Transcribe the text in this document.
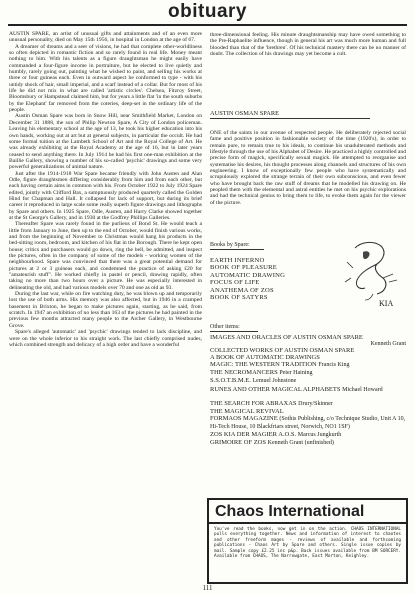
obituary

AUSTIN SPARE, an artist of unusual gifts and attainments and of an even more unusual personality, died on May 15th 1956, in hospital in London at the age of 67.

A dreamer of dreams and a seer of visions, he had that complete other-worldliness so often depicted in romantic fiction and so rarely found in real life. Money meant nothing to him. With his talents as a figure draughtsman he might easily have commanded a four-figure income in portraiture, but he elected to live quietly and humbly, rarely going out, painting what he wished to paint, and selling his works at three or four guineas each. Even in outward aspect he conformed to type - with his untidy shock of hair, small imperial, and a scarf instead of a collar. But for most of his life he did not mix in what are called 'artistic circles'. Chelsea, Fitzroy Street, Bloomsbury or Hampstead claimed him, but for years a little flat 'in the south suburbs by the Elephant' far removed from the coteries, deep-set in the ordinary life of the people.

Austin Osman Spare was born in Snow Hill, near Smithfield Market, London on December 31 1888, the son of Philip Newton Spare, A City of London policeman. Leaving his elementary school at the age of 13, he took his higher education into his own hands, working out at art but at general subjects, in particular the occult. He had some formal tuition at the Lambeth School of Art and the Royal College of Art. He was already exhibiting at the Royal Academy at the age of 16, but in later years ceased to send anything there. In July 1914 he had his first one-man exhibition at the Baillie Gallery, showing a number of his so-called 'psychic' drawings and some very powerful generalizations of animal nature.

Just after the 1914-1918 War Spare became friendly with John Austen and Alan Odle, figure draughtsmen differing considerably from him and from each other, but each having certain aims in common with his. From October 1922 to July 1924 Spare edited, jointly with Clifford Bax, a sumptuously produced quarterly called the Golden Hind for Chapman and Hall. It collapsed for lack of support, but during its brief career it reproduced in large scale some really superb figure drawings and lithographs by Spare and others. In 1925 Spare, Odle, Austen, and Harry Clarke showed together at the St George's Gallery, and in 1930 at the Godfrey Phillips Galleries.

Thereafter Spare was rarely found in the purlieus of Bond St. He would teach a little from January to June, then up to the end of October, would finish various works, and from the beginning of November to Christmas would hang his products in the bed-sitting room, bedroom, and kitchen of his flat in the Borough. There he kept open house; critics and purchasers would go down, ring the bell, be admitted, and inspect the pictures, often in the company of some of the models - working women of the neighbourhood. Spare was convinced that there was a great potential demand for pictures at 2 or 3 guineas each, and condemned the practice of asking £20 for "amateurish stuff". He worked chiefly in pastel or pencil, drawing rapidly, often taking no more than two hours over a picture. He was especially interested in delineating the old, and had various models over 70 and one as old as 93.

During the last war, while on fire watching duty, he was blown up and temporarily lost the use of both arms. His memory was also affected, but in 1946 in a cramped basement in Brixton, he began to make pictures again, starting, as he said, from scratch. In 1947 an exhibition of no less than 163 of the pictures he had painted in the previous few months attracted many people to the Archer Gallery, in Westbourne Grove.

Spare's alleged 'automatic' and 'psychic' drawings tended to lack discipline, and were on the whole inferior to his straight work. The last chiefly comprised nudes, which combined strength and delicacy of a high order and have a wonderful

three-dimensional feeling. His minute draughtsmanship may have owed something to the Pre-Raphaelite influence, though in general his art was much more human and full blooded than that of the 'brethren'. Of his technical mastery there can be no manner of doubt. The collection of his drawings may yet become a cult.

AUSTIN OSMAN SPARE

ONE of the saints in our avenue of respected people. He deliberately rejected social fame and positive position in fashionable society of the time (1920's), in order to remain pure, to remain true to his ideals, to continue his unadulterated methods and lifestyle through the use of his Alphabet of Desire. He practiced a highly controlled and precise form of magick, specifically sexual magick. He attempted to reorganise and systematise his desires, his thought processes along channels and structures of his own engineering. I know of exceptionally few people who have systematically and scrupulously explored the strange terrain of their own subconscious, and even fewer who have brought back the raw stuff of dreams that he modelled his drawing on. He peopled them with the elemental and astral entities he met on his psychic explorations and had the technical genius to bring them to life, to evoke them again for the viewer of the picture.

Books by Spare:
EARTH INFERNO
BOOK OF PLEASURE
AUTOMATIC DRAWING
FOCUS OF LIFE
ANATHEMA OF ZOS
BOOK OF SATYRS
KIA
Other items:
IMAGES AND ORACLES OF AUSTIN OSMAN SPARE
Kenneth Grant
COLLECTED WORKS OF AUSTIN OSMAN SPARE
A BOOK OF AUTOMATIC DRAWINGS
MAGIC: THE WESTERN TRADITION Francis King
THE NECROMANCERS Peter Haining
S.S.O.T.B.M.E. Lemuel Johnstone
RUNES AND OTHER MAGICAL ALPHABETS Michael Howard
THE SEARCH FOR ABRAXAS Drury/Skinner
THE MAGICAL REVIVAL
FORMAOS MAGAZINE (Sothis Publishing, c/o Technique Studio, Unit A 10, Hi-Tech House, 10 Blackfriars street, Norwich, NO1 1SF)
ZOS KIA DER MAGIER A.O.S. Marcus Jungkurth
GRIMOIRE OF ZOS Kenneth Grant (unfinished)
Chaos International
You've read the books, now get in on the action. CHAOS INTERNATIONAL pulls everything together. News and information of interest to chaotes and other freeform mages - reviews of available and forthcoming publications - Chaos Art by Spare and others. Single issue copies by mail. Sample copy £2.25 inc p&p. Back issues available from BM SORCERY. Available from CHAOS, The Narrowgate, East Morton, Keighley.
111
